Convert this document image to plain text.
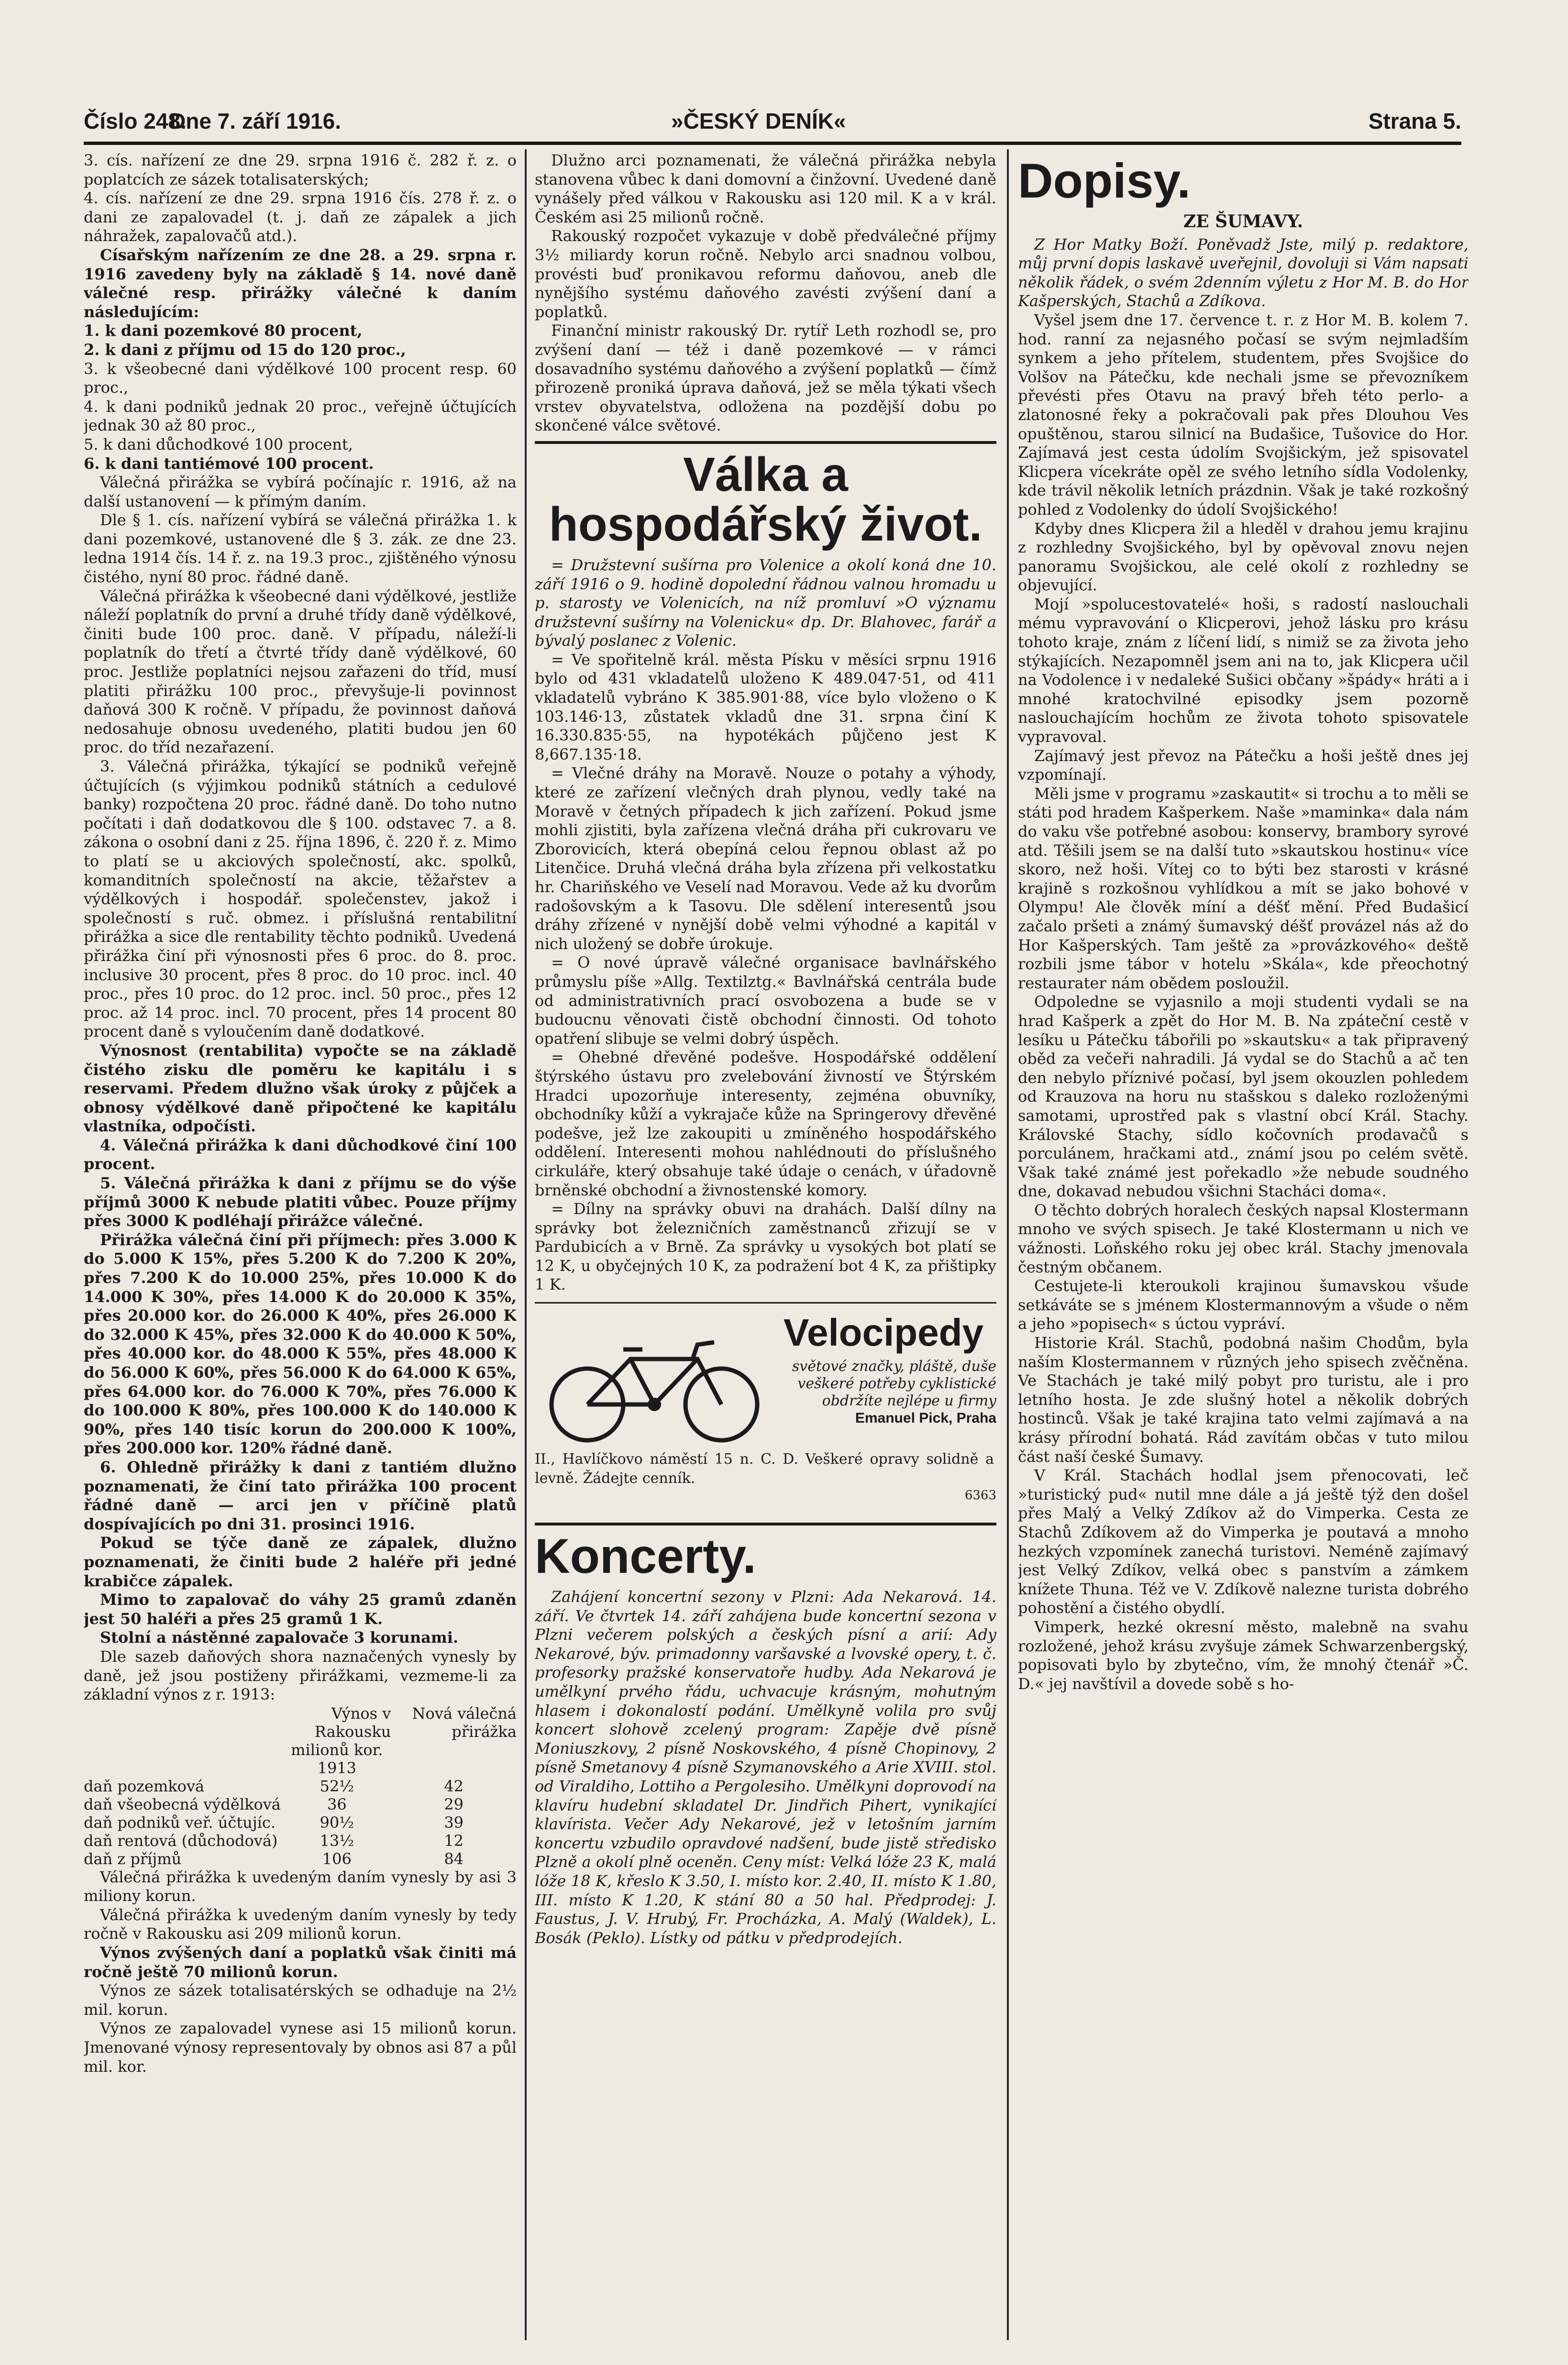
Číslo 248.
Dne 7. září 1916.	»ČESKÝ DENÍK«	Strana 5.

3. cís. nařízení ze dne 29. srpna 1916 č. 282 ř. z. o poplatcích ze sázek totalisaterských;

4. cís. nařízení ze dne 29. srpna 1916 čís. 278 ř. z. o dani ze zapalovadel (t. j. daň ze zápalek a jich náhražek, zapalovačů atd.).

Císařským nařízením ze dne 28. a 29. srpna r. 1916 zavedeny byly na základě § 14. nové daně válečné resp. přirážky válečné k daním následujícím:

1. k dani pozemkové 80 procent,

2. k dani z příjmu od 15 do 120 proc.,

3. k všeobecné dani výdělkové 100 procent resp. 60 proc.,

4. k dani podniků jednak 20 proc., veřejně účtujících jednak 30 až 80 proc.,

5. k dani důchodkové 100 procent,

6. k dani tantiémové 100 procent.

Válečná přirážka se vybírá počínajíc r. 1916, až na další ustanovení — k přímým daním.

Dle § 1. cís. nařízení vybírá se válečná přirážka 1. k dani pozemkové, ustanovené dle § 3. zák. ze dne 23. ledna 1914 čís. 14 ř. z. na 19.3 proc., zjištěného výnosu čistého, nyní 80 proc. řádné daně.

Válečná přirážka k všeobecné dani výdělkové, jestliže náleží poplatník do první a druhé třídy daně výdělkové, činiti bude 100 proc. daně. V případu, náleží-li poplatník do třetí a čtvrté třídy daně výdělkové, 60 proc. Jestliže poplatníci nejsou zařazeni do tříd, musí platiti přirážku 100 proc., převyšuje-li povinnost daňová 300 K ročně. V případu, že povinnost daňová nedosahuje obnosu uvedeného, platiti budou jen 60 proc. do tříd nezařazení.

3. Válečná přirážka, týkající se podniků veřejně účtujících (s výjimkou podniků státních a cedulové banky) rozpočtena 20 proc. řádné daně. Do toho nutno počítati i daň dodatkovou dle § 100. odstavec 7. a 8. zákona o osobní dani z 25. října 1896, č. 220 ř. z. Mimo to platí se u akciových společností, akc. spolků, komanditních společností na akcie, těžařstev a výdělkových i hospodář. společenstev, jakož i společností s ruč. obmez. i příslušná rentabilitní přirážka a sice dle rentability těchto podniků. Uvedená přirážka činí při výnosnosti přes 6 proc. do 8. proc. inclusive 30 procent, přes 8 proc. do 10 proc. incl. 40 proc., přes 10 proc. do 12 proc. incl. 50 proc., přes 12 proc. až 14 proc. incl. 70 procent, přes 14 procent 80 procent daně s vyloučením daně dodatkové.

Výnosnost (rentabilita) vypočte se na základě čistého zisku dle poměru ke kapitálu i s reservami. Předem dlužno však úroky z půjček a obnosy výdělkové daně připočtené ke kapitálu vlastníka, odpočísti.

4. Válečná přirážka k dani důchodkové činí 100 procent.

5. Válečná přirážka k dani z příjmu se do výše příjmů 3000 K nebude platiti vůbec. Pouze příjmy přes 3000 K podléhají přirážce válečné.

Přirážka válečná činí při příjmech: přes 3.000 K do 5.000 K 15%, přes 5.200 K do 7.200 K 20%, přes 7.200 K do 10.000 25%, přes 10.000 K do 14.000 K 30%, přes 14.000 K do 20.000 K 35%, přes 20.000 kor. do 26.000 K 40%, přes 26.000 K do 32.000 K 45%, přes 32.000 K do 40.000 K 50%, přes 40.000 kor. do 48.000 K 55%, přes 48.000 K do 56.000 K 60%, přes 56.000 K do 64.000 K 65%, přes 64.000 kor. do 76.000 K 70%, přes 76.000 K do 100.000 K 80%, přes 100.000 K do 140.000 K 90%, přes 140 tisíc korun do 200.000 K 100%, přes 200.000 kor. 120% řádné daně.

6. Ohledně přirážky k dani z tantiém dlužno poznamenati, že činí tato přirážka 100 procent řádné daně — arci jen v příčině platů dospívajících po dni 31. prosinci 1916.

Pokud se týče daně ze zápalek, dlužno poznamenati, že činiti bude 2 haléře při jedné krabičce zápalek.

Mimo to zapalovač do váhy 25 gramů zdaněn jest 50 haléři a přes 25 gramů 1 K.

Stolní a nástěnné zapalovače 3 korunami.

Dle sazeb daňových shora naznačených vynesly by daně, jež jsou postiženy přirážkami, vezmeme-li za základní výnos z r. 1913:

	Výnos v Rakousku	Nová válečná přirážka
	milionů kor.	
	1913	
daň pozemková	52½	42
daň všeobecná výdělková	36	29
daň podniků veř. účtujíc.	90½	39
daň rentová (důchodová)	13½	12
daň z příjmů	106	84

Válečná přirážka k uvedeným daním vynesly by asi 3 miliony korun.

Válečná přirážka k uvedeným daním vynesly by tedy ročně v Rakousku asi 209 milionů korun.

Výnos zvýšených daní a poplatků však činiti má ročně ještě 70 milionů korun.

Výnos ze sázek totalisatérských se odhaduje na 2½ mil. korun.

Výnos ze zapalovadel vynese asi 15 milionů korun. Jmenované výnosy representovaly by obnos asi 87 a půl mil. kor.

Dlužno arci poznamenati, že válečná přirážka nebyla stanovena vůbec k dani domovní a činžovní. Uvedené daně vynášely před válkou v Rakousku asi 120 mil. K a v král. Českém asi 25 milionů ročně.

Rakouský rozpočet vykazuje v době předválečné příjmy 3½ miliardy korun ročně. Nebylo arci snadnou volbou, provésti buď pronikavou reformu daňovou, aneb dle nynějšího systému daňového zavésti zvýšení daní a poplatků.

Finanční ministr rakouský Dr. rytíř Leth rozhodl se, pro zvýšení daní — též i daně pozemkové — v rámci dosavadního systému daňového a zvýšení poplatků — čímž přirozeně proniká úprava daňová, jež se měla týkati všech vrstev obyvatelstva, odložena na pozdější dobu po skončené válce světové.

Válka a hospodářský život.

= Družstevní sušírna pro Volenice a okolí koná dne 10. září 1916 o 9. hodině dopolední řádnou valnou hromadu u p. starosty ve Volenicích, na níž promluví »O významu družstevní sušírny na Volenicku« dp. Dr. Blahovec, farář a bývalý poslanec z Volenic.

= Ve spořitelně král. města Písku v měsíci srpnu 1916 bylo od 431 vkladatelů uloženo K 489.047·51, od 411 vkladatelů vybráno K 385.901·88, více bylo vloženo o K 103.146·13, zůstatek vkladů dne 31. srpna činí K 16.330.835·55, na hypotékách půjčeno jest K 8,667.135·18.

= Vlečné dráhy na Moravě. Nouze o potahy a výhody, které ze zařízení vlečných drah plynou, vedly také na Moravě v četných případech k jich zařízení. Pokud jsme mohli zjistiti, byla zařízena vlečná dráha při cukrovaru ve Zborovicích, která obepíná celou řepnou oblast až po Litenčice. Druhá vlečná dráha byla zřízena při velkostatku hr. Chariňského ve Veselí nad Moravou. Vede až ku dvorům radošovským a k Tasovu. Dle sdělení interesentů jsou dráhy zřízené v nynější době velmi výhodné a kapitál v nich uložený se dobře úrokuje.

= O nové úpravě válečné organisace bavlnářského průmyslu píše »Allg. Textilztg.« Bavlnářská centrála bude od administrativních prací osvobozena a bude se v budoucnu věnovati čistě obchodní činnosti. Od tohoto opatření slibuje se velmi dobrý úspěch.

= Ohebné dřevěné podešve. Hospodářské oddělení štýrského ústavu pro zvelebování živností ve Štýrském Hradci upozorňuje interesenty, zejména obuvníky, obchodníky kůží a vykrajače kůže na Springerovy dřevěné podešve, jež lze zakoupiti u zmíněného hospodářského oddělení. Interesenti mohou nahlédnouti do příslušného cirkuláře, který obsahuje také údaje o cenách, v úřadovně brněnské obchodní a živnostenské komory.

= Dílny na správky obuvi na drahách. Další dílny na správky bot železničních zaměstnanců zřizují se v Pardubicích a v Brně. Za správky u vysokých bot platí se 12 K, u obyčejných 10 K, za podražení bot 4 K, za přištipky 1 K.

Velocipedy
světové značky, pláště, duše veškeré potřeby cyklistické obdržíte nejlépe u firmy
Emanuel Pick, Praha
II., Havlíčkovo náměstí 15 n. C. D. Veškeré opravy solidně a levně. Žádejte cenník.
6363
Koncerty.

Zahájení koncertní sezony v Plzni: Ada Nekarová. 14. září. Ve čtvrtek 14. září zahájena bude koncertní sezona v Plzni večerem polských a českých písní a arií: Ady Nekarové, býv. primadonny varšavské a lvovské opery, t. č. profesorky pražské konservatoře hudby. Ada Nekarová je umělkyní prvého řádu, uchvacuje krásným, mohutným hlasem i dokonalostí podání. Umělkyně volila pro svůj koncert slohově zcelený program: Zapěje dvě písně Moniuszkovy, 2 písně Noskovského, 4 písně Chopinovy, 2 písně Smetanovy 4 písně Szymanovského a Arie XVIII. stol. od Viraldiho, Lottiho a Pergolesiho. Umělkyni doprovodí na klavíru hudební skladatel Dr. Jindřich Pihert, vynikající klavírista. Večer Ady Nekarové, jež v letošním jarním koncertu vzbudilo opravdové nadšení, bude jistě středisko Plzně a okolí plně oceněn. Ceny míst: Velká lóže 23 K, malá lóže 18 K, křeslo K 3.50, I. místo kor. 2.40, II. místo K 1.80, III. místo K 1.20, K stání 80 a 50 hal. Předprodej: J. Faustus, J. V. Hrubý, Fr. Procházka, A. Malý (Waldek), L. Bosák (Peklo). Lístky od pátku v předprodejích.

Dopisy.
ZE ŠUMAVY.

Z Hor Matky Boží. Poněvadž Jste, milý p. redaktore, můj první dopis laskavě uveřejnil, dovoluji si Vám napsati několik řádek, o svém 2denním výletu z Hor M. B. do Hor Kašperských, Stachů a Zdíkova.

Vyšel jsem dne 17. července t. r. z Hor M. B. kolem 7. hod. ranní za nejasného počasí se svým nejmladším synkem a jeho přítelem, studentem, přes Svojšice do Volšov na Pátečku, kde nechali jsme se převozníkem převésti přes Otavu na pravý břeh této perlo- a zlatonosné řeky a pokračovali pak přes Dlouhou Ves opuštěnou, starou silnicí na Budašice, Tušovice do Hor. Zajímavá jest cesta údolím Svojšickým, jež spisovatel Klicpera vícekráte opěl ze svého letního sídla Vodolenky, kde trávil několik letních prázdnin. Však je také rozkošný pohled z Vodolenky do údolí Svojšického!

Kdyby dnes Klicpera žil a hleděl v drahou jemu krajinu z rozhledny Svojšického, byl by opěvoval znovu nejen panoramu Svojšickou, ale celé okolí z rozhledny se objevující.

Mojí »spolucestovatelé« hoši, s radostí naslouchali mému vypravování o Klicperovi, jehož lásku pro krásu tohoto kraje, znám z líčení lidí, s nimiž se za života jeho stýkajících. Nezapomněl jsem ani na to, jak Klicpera učil na Vodolence i v nedaleké Sušici občany »špády« hráti a i mnohé kratochvilné episodky jsem pozorně naslouchajícím hochům ze života tohoto spisovatele vypravoval.

Zajímavý jest převoz na Pátečku a hoši ještě dnes jej vzpomínají.

Měli jsme v programu »zaskautit« si trochu a to měli se státi pod hradem Kašperkem. Naše »maminka« dala nám do vaku vše potřebné asobou: konservy, brambory syrové atd. Těšili jsem se na další tuto »skautskou hostinu« více skoro, než hoši. Vítej co to býti bez starosti v krásné krajině s rozkošnou vyhlídkou a mít se jako bohové v Olympu! Ale člověk míní a déšť mění. Před Budašicí začalo pršeti a známý šumavský déšť provázel nás až do Hor Kašperských. Tam ještě za »provázkového« deště rozbili jsme tábor v hotelu »Skála«, kde přeochotný restaurater nám obědem posloužil.

Odpoledne se vyjasnilo a moji studenti vydali se na hrad Kašperk a zpět do Hor M. B. Na zpáteční cestě v lesíku u Pátečku tábořili po »skautsku« a tak připravený oběd za večeři nahradili. Já vydal se do Stachů a ač ten den nebylo příznivé počasí, byl jsem okouzlen pohledem od Krauzova na horu nu stašskou s daleko rozloženými samotami, uprostřed pak s vlastní obcí Král. Stachy. Královské Stachy, sídlo kočovních prodavačů s porculánem, hračkami atd., známí jsou po celém světě. Však také známé jest pořekadlo »že nebude soudného dne, dokavad nebudou všichni Stacháci doma«.

O těchto dobrých horalech českých napsal Klostermann mnoho ve svých spisech. Je také Klostermann u nich ve vážnosti. Loňského roku jej obec král. Stachy jmenovala čestným občanem.

Cestujete-li kteroukoli krajinou šumavskou všude setkáváte se s jménem Klostermannovým a všude o něm a jeho »popisech« s úctou vypráví.

Historie Král. Stachů, podobná našim Chodům, byla naším Klostermannem v různých jeho spisech zvěčněna. Ve Stachách je také milý pobyt pro turistu, ale i pro letního hosta. Je zde slušný hotel a několik dobrých hostinců. Však je také krajina tato velmi zajímavá a na krásy přírodní bohatá. Rád zavítám občas v tuto milou část naší české Šumavy.

V Král. Stachách hodlal jsem přenocovati, leč »turistický pud« nutil mne dále a já ještě týž den došel přes Malý a Velký Zdíkov až do Vimperka. Cesta ze Stachů Zdíkovem až do Vimperka je poutavá a mnoho hezkých vzpomínek zanechá turistovi. Neméně zajímavý jest Velký Zdíkov, velká obec s panstvím a zámkem knížete Thuna. Též ve V. Zdíkově nalezne turista dobrého pohostění a čistého obydlí.

Vimperk, hezké okresní město, malebně na svahu rozložené, jehož krásu zvyšuje zámek Schwarzenbergský, popisovati bylo by zbytečno, vím, že mnohý čtenář »Č. D.« jej navštívil a dovede sobě s ho-
